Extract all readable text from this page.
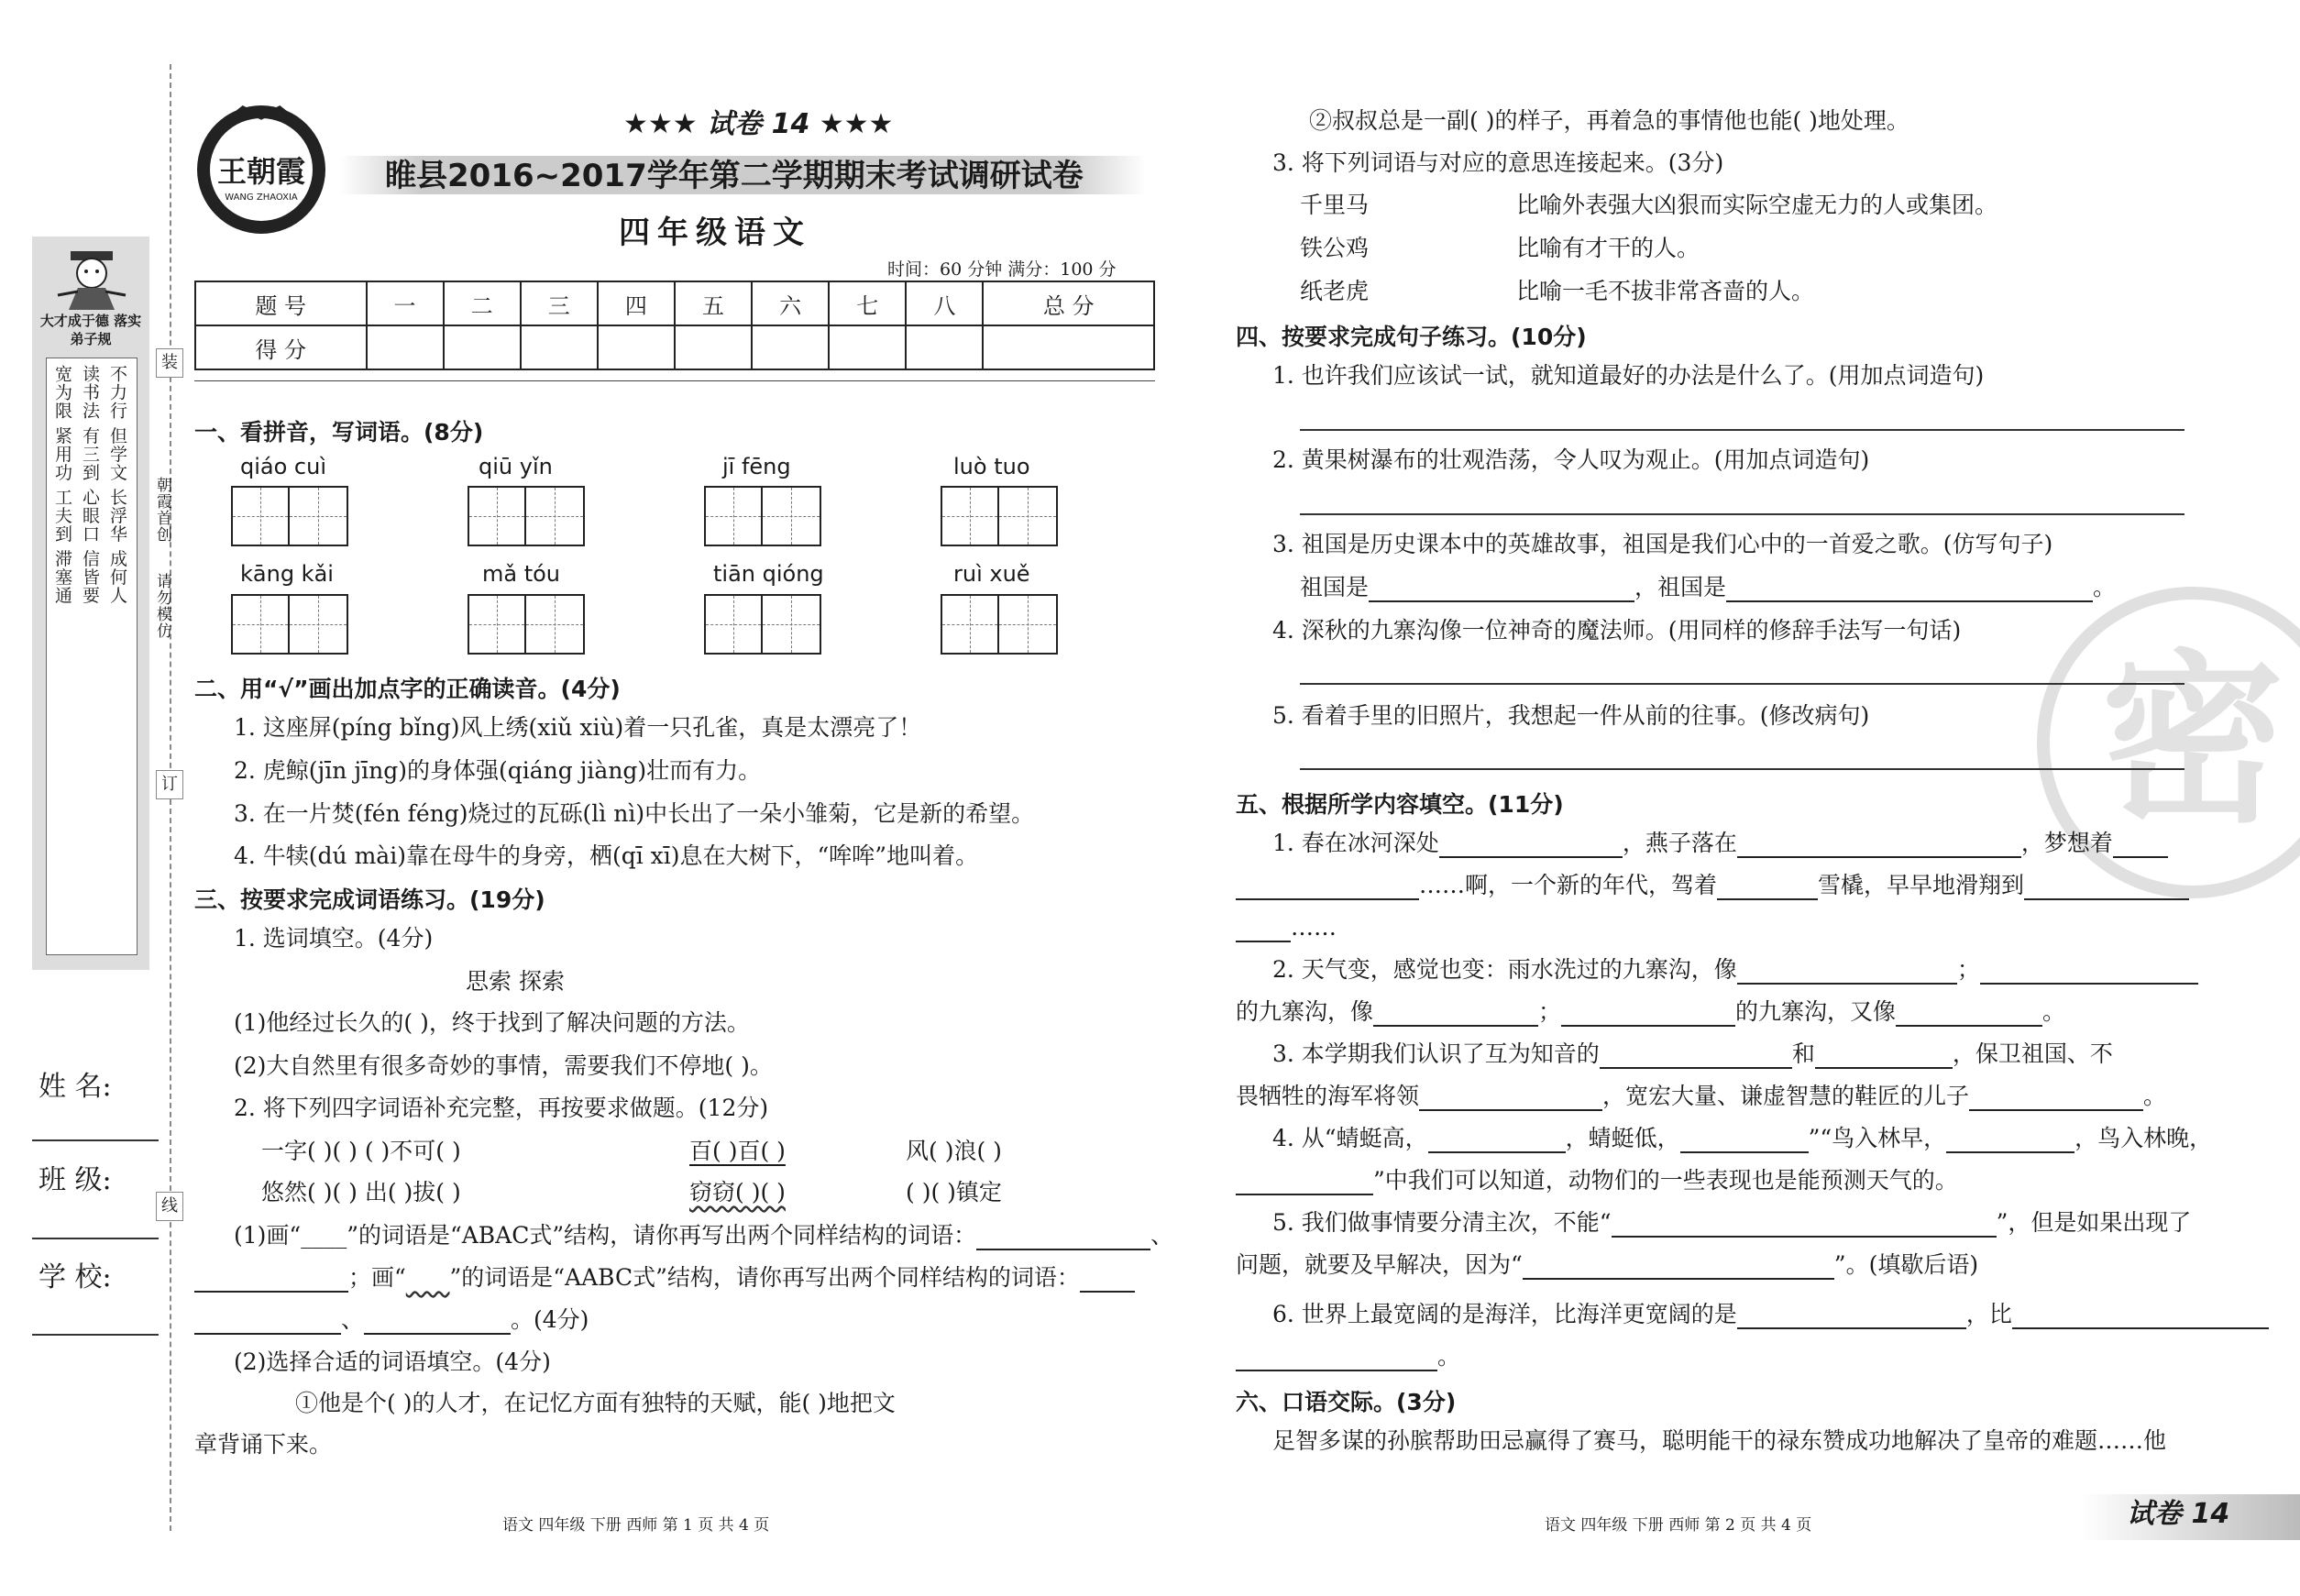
装
订
线
大才成于德 落实弟子规
宽为限 紧用功 工夫到 滞塞通 读书法 有三到 心眼口 信皆要 不力行 但学文 长浮华 成何人 朝霞首创
请勿模仿
姓 名:
班 级:
学 校:
王朝霞
WANG ZHAOXIA
★★★ 试卷 14 ★★★
睢县2016~2017学年第二学期期末考试调研试卷
四年级语文
时间：60 分钟 满分：100 分
题 号	一	二	三	四	五	六	七	八	总 分
得 分									
一、看拼音，写词语。(8分)
qiáo cuì	qiū yǐn	jī fēng	luò tuo
kāng kǎi	mǎ tóu	tiān qióng	ruì xuě
二、用“√”画出加点字的正确读音。(4分)
1. 这座屏(píng bǐng)风上绣(xiǔ xiù)着一只孔雀，真是太漂亮了！
2. 虎鲸(jīn jīng)的身体强(qiáng jiàng)壮而有力。
3. 在一片焚(fén féng)烧过的瓦砾(lì nì)中长出了一朵小雏菊，它是新的希望。
4. 牛犊(dú mài)靠在母牛的身旁，栖(qī xī)息在大树下，“哞哞”地叫着。
三、按要求完成词语练习。(19分)
1. 选词填空。(4分)
思索 探索
(1)他经过长久的( )，终于找到了解决问题的方法。
(2)大自然里有很多奇妙的事情，需要我们不停地( )。
2. 将下列四字词语补充完整，再按要求做题。(12分)
一字( )( ) ( )不可( )	百( )百( )	风( )浪( )
悠然( )( ) 出( )拔( )	窃窃( )( )	( )( )镇定
(1)画“____”的词语是“ABAC式”结构，请你再写出两个同样结构的词语：	、
；画“ ”的词语是“AABC式”结构，请你再写出两个同样结构的词语：
、	。(4分)
(2)选择合适的词语填空。(4分)
①他是个( )的人才，在记忆方面有独特的天赋，能( )地把文
章背诵下来。
语文 四年级 下册 西师 第 1 页 共 4 页
密
②叔叔总是一副( )的样子，再着急的事情他也能( )地处理。
3. 将下列词语与对应的意思连接起来。(3分)
千里马	比喻外表强大凶狠而实际空虚无力的人或集团。
铁公鸡	比喻有才干的人。
纸老虎	比喻一毛不拔非常吝啬的人。
四、按要求完成句子练习。(10分)
1. 也许我们应该试一试，就知道最好的办法是什么了。(用加点词造句)
2. 黄果树瀑布的壮观浩荡，令人叹为观止。(用加点词造句)
3. 祖国是历史课本中的英雄故事，祖国是我们心中的一首爱之歌。(仿写句子)
祖国是	，祖国是	。
4. 深秋的九寨沟像一位神奇的魔法师。(用同样的修辞手法写一句话)
5. 看着手里的旧照片，我想起一件从前的往事。(修改病句)
五、根据所学内容填空。(11分)
1. 春在冰河深处	，燕子落在	，梦想着
……啊，一个新的年代，驾着	雪橇，早早地滑翔到
……
2. 天气变，感觉也变：雨水洗过的九寨沟，像	；
的九寨沟，像	；	的九寨沟，又像	。
3. 本学期我们认识了互为知音的	和	，保卫祖国、不
畏牺牲的海军将领	，宽宏大量、谦虚智慧的鞋匠的儿子	。
4. 从“蜻蜓高，	，蜻蜓低，	”“鸟入林早，	，鸟入林晚，
”中我们可以知道，动物们的一些表现也是能预测天气的。
5. 我们做事情要分清主次，不能“	”，但是如果出现了
问题，就要及早解决，因为“	”。(填歇后语)
6. 世界上最宽阔的是海洋，比海洋更宽阔的是	，比
。
六、口语交际。(3分)
足智多谋的孙膑帮助田忌赢得了赛马，聪明能干的禄东赞成功地解决了皇帝的难题……他
语文 四年级 下册 西师 第 2 页 共 4 页	试卷 14
